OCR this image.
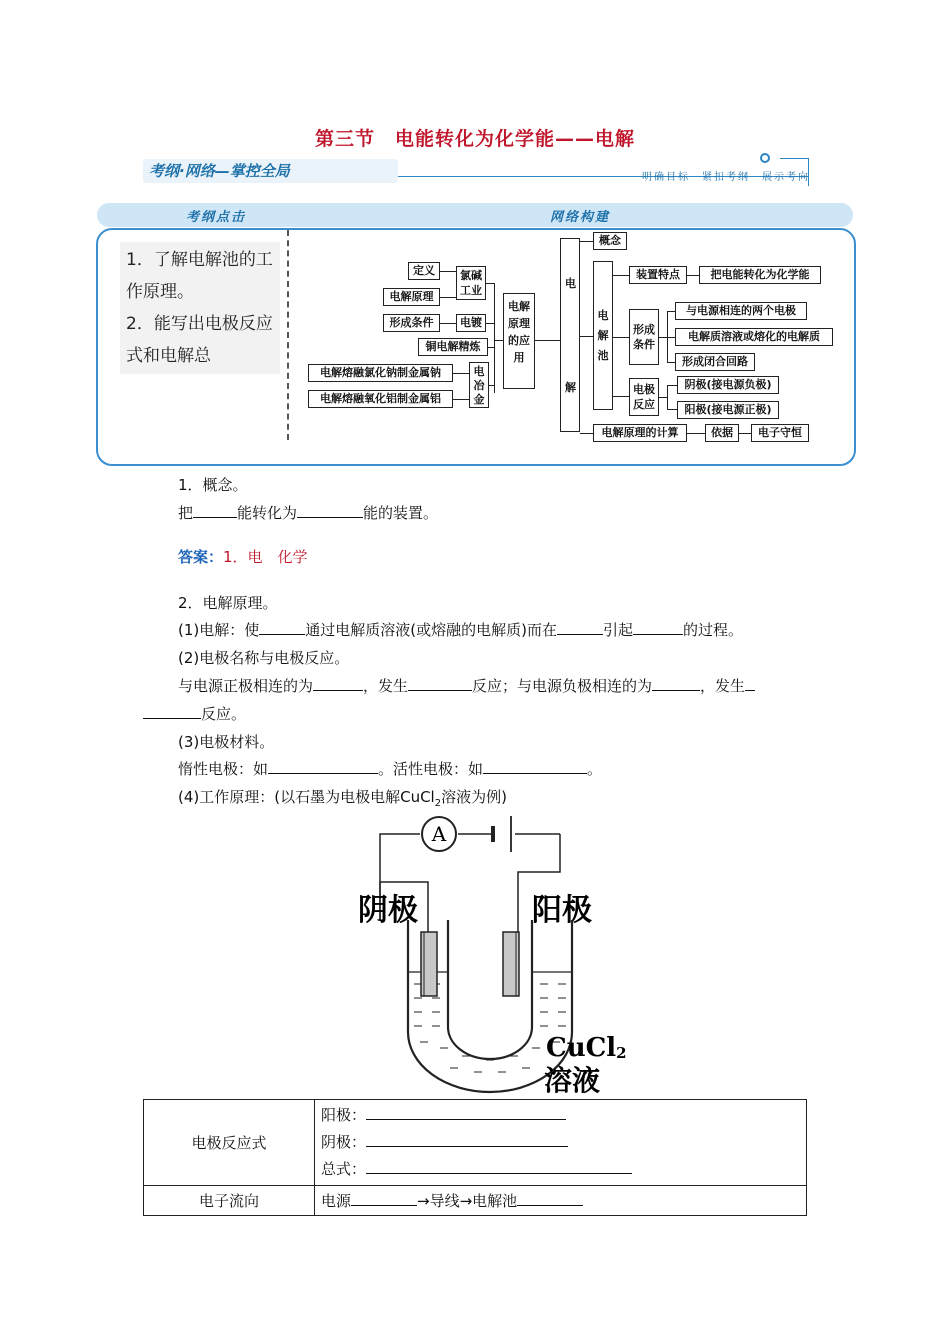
第三节　电能转化为化学能——电解
考纲·网络—掌控全局	明确目标　紧扣考纲　展示考向
考纲点击	网络构建
1．了解电解池的工作原理。
2．能写出电极反应式和电解总
定义
电解原理
形成条件
铜电解精炼
氯碱工业
电镀
电解熔融氯化钠制金属钠
电解熔融氧化铝制金属铝
电冶金
电解原理的应用
电
解
概念
电解池
装置特点	把电能转化为化学能
形成条件
与电源相连的两个电极
电解质溶液或熔化的电解质
形成闭合回路
电极反应
阴极(接电源负极)
阳极(接电源正极)
电解原理的计算	依据	电子守恒
1．概念。
把	能转化为	能的装置。
答案：1．电　化学
2．电解原理。
(1)电解：使	通过电解质溶液(或熔融的电解质)而在	引起	的过程。
(2)电极名称与电极反应。
与电源正极相连的为	，发生	反应；与电源负极相连的为	，发生
反应。
(3)电极材料。
惰性电极：如	。活性电极：如	。
(4)工作原理：(以石墨为电极电解CuCl$_2$溶液为例)
A
阴极	阳极
CuCl2
溶液
电极反应式	阳极：
阴极：
总式：

电子流向	电源 →导线→电解池
